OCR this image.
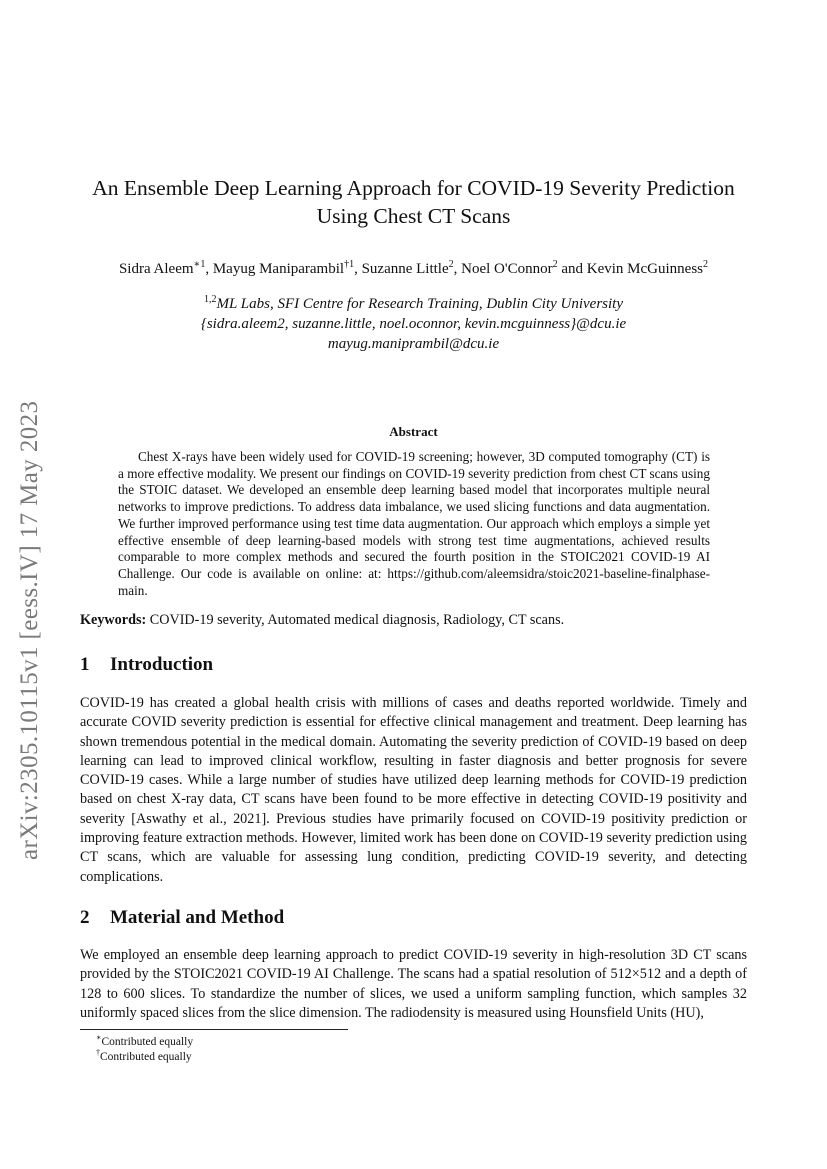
arXiv:2305.10115v1 [eess.IV] 17 May 2023
An Ensemble Deep Learning Approach for COVID-19 Severity Prediction Using Chest CT Scans
Sidra Aleem$^{∗1}$, Mayug Maniparambil$^{\dagger 1}$, Suzanne Little$^2$, Noel O'Connor$^2$ and Kevin McGuinness$^2$
$^{1,2}$ML Labs, SFI Centre for Research Training, Dublin City University
{sidra.aleem2, suzanne.little, noel.oconnor, kevin.mcguinness}@dcu.ie
mayug.maniprambil@dcu.ie
Abstract
Chest X-rays have been widely used for COVID-19 screening; however, 3D computed tomography (CT) is a more effective modality. We present our findings on COVID-19 severity prediction from chest CT scans using the STOIC dataset. We developed an ensemble deep learning based model that incorporates multiple neural networks to improve predictions. To address data imbalance, we used slicing functions and data augmentation. We further improved performance using test time data augmentation. Our approach which employs a simple yet effective ensemble of deep learning-based models with strong test time augmentations, achieved results comparable to more complex methods and secured the fourth position in the STOIC2021 COVID-19 AI Challenge. Our code is available on online: at: https://github.com/aleemsidra/stoic2021-baseline-finalphase-main.
Keywords: COVID-19 severity, Automated medical diagnosis, Radiology, CT scans.
1 Introduction
COVID-19 has created a global health crisis with millions of cases and deaths reported worldwide. Timely and accurate COVID severity prediction is essential for effective clinical management and treatment. Deep learning has shown tremendous potential in the medical domain. Automating the severity prediction of COVID-19 based on deep learning can lead to improved clinical workflow, resulting in faster diagnosis and better prognosis for severe COVID-19 cases. While a large number of studies have utilized deep learning methods for COVID-19 prediction based on chest X-ray data, CT scans have been found to be more effective in detecting COVID-19 positivity and severity [Aswathy et al., 2021]. Previous studies have primarily focused on COVID-19 positivity prediction or improving feature extraction methods. However, limited work has been done on COVID-19 severity prediction using CT scans, which are valuable for assessing lung condition, predicting COVID-19 severity, and detecting complications.
2 Material and Method
We employed an ensemble deep learning approach to predict COVID-19 severity in high-resolution 3D CT scans provided by the STOIC2021 COVID-19 AI Challenge. The scans had a spatial resolution of 512×512 and a depth of 128 to 600 slices. To standardize the number of slices, we used a uniform sampling function, which samples 32 uniformly spaced slices from the slice dimension. The radiodensity is measured using Hounsfield Units (HU),
∗Contributed equally
†Contributed equally
